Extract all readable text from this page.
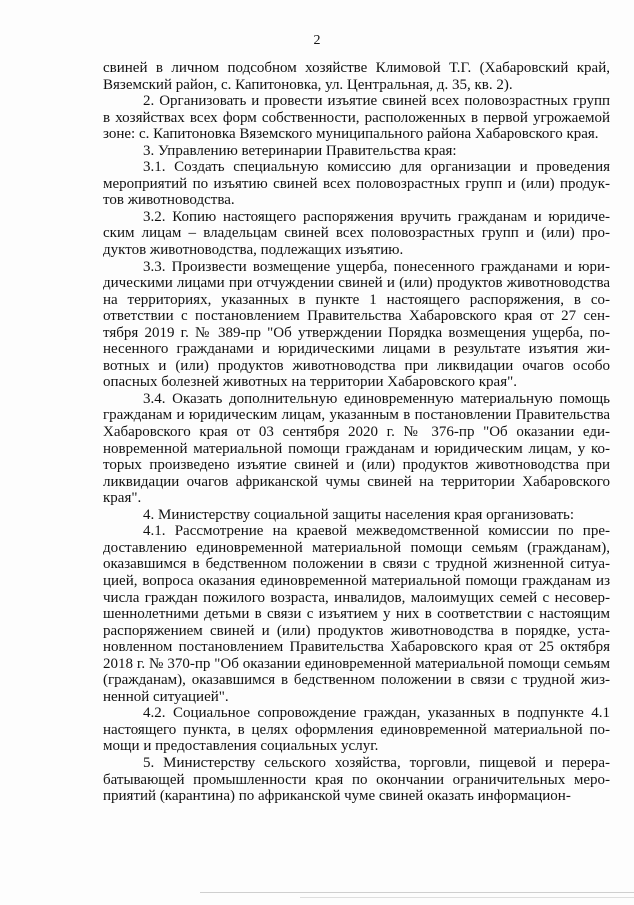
2

свиней в личном подсобном хозяйстве Климовой Т.Г. (Хабаровский край, Вяземский район, с. Капитоновка, ул. Центральная, д. 35, кв. 2).

2. Организовать и провести изъятие свиней всех половозрастных групп в хозяйствах всех форм собственности, расположенных в первой угрожаемой зоне: с. Капитоновка Вяземского муниципального района Хабаровского края.

3. Управлению ветеринарии Правительства края:

3.1. Создать специальную комиссию для организации и проведения мероприятий по изъятию свиней всех половозрастных групп и (или) продуктов животноводства.

3.2. Копию настоящего распоряжения вручить гражданам и юридическим лицам – владельцам свиней всех половозрастных групп и (или) продуктов животноводства, подлежащих изъятию.

3.3. Произвести возмещение ущерба, понесенного гражданами и юридическими лицами при отчуждении свиней и (или) продуктов животноводства на территориях, указанных в пункте 1 настоящего распоряжения, в соответствии с постановлением Правительства Хабаровского края от 27 сентября 2019 г. № 389-пр "Об утверждении Порядка возмещения ущерба, понесенного гражданами и юридическими лицами в результате изъятия животных и (или) продуктов животноводства при ликвидации очагов особо опасных болезней животных на территории Хабаровского края".

3.4. Оказать дополнительную единовременную материальную помощь гражданам и юридическим лицам, указанным в постановлении Правительства Хабаровского края от 03 сентября 2020 г. № 376-пр "Об оказании единовременной материальной помощи гражданам и юридическим лицам, у которых произведено изъятие свиней и (или) продуктов животноводства при ликвидации очагов африканской чумы свиней на территории Хабаровского края".

4. Министерству социальной защиты населения края организовать:

4.1. Рассмотрение на краевой межведомственной комиссии по предоставлению единовременной материальной помощи семьям (гражданам), оказавшимся в бедственном положении в связи с трудной жизненной ситуацией, вопроса оказания единовременной материальной помощи гражданам из числа граждан пожилого возраста, инвалидов, малоимущих семей с несовершеннолетними детьми в связи с изъятием у них в соответствии с настоящим распоряжением свиней и (или) продуктов животноводства в порядке, установленном постановлением Правительства Хабаровского края от 25 октября 2018 г. № 370-пр "Об оказании единовременной материальной помощи семьям (гражданам), оказавшимся в бедственном положении в связи с трудной жизненной ситуацией".

4.2. Социальное сопровождение граждан, указанных в подпункте 4.1 настоящего пункта, в целях оформления единовременной материальной помощи и предоставления социальных услуг.

5. Министерству сельского хозяйства, торговли, пищевой и перерабатывающей промышленности края по окончании ограничительных мероприятий (карантина) по африканской чуме свиней оказать информацион-
